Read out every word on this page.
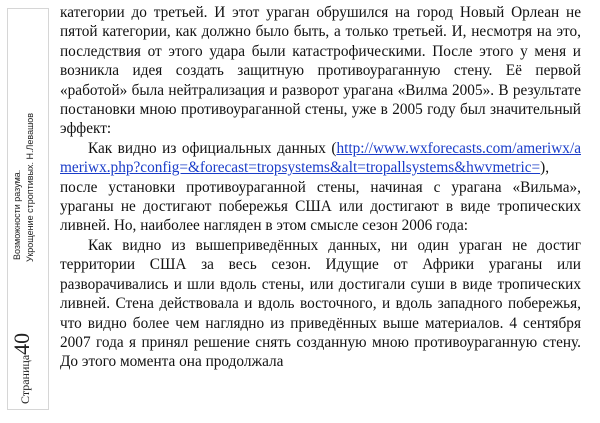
Возможности разума. Укрощение строптивых. Н.Левашов
Страница40

категории до третьей. И этот ураган обрушился на город Новый Орлеан не пятой категории, как должно было быть, а только третьей. И, несмотря на это, последствия от этого удара были катастрофическими. После этого у меня и возникла идея создать защитную противоураганную стену. Её первой «работой» была нейтрализация и разворот урагана «Вилма 2005». В результате постановки мною противоураганной стены, уже в 2005 году был значительный эффект:

Как видно из официальных данных (http://www.wxforecasts.com/ameriwx/ameriwx.php?config=&forecast=tropsystems&alt=tropallsystems&hwvmetric=), после установки противоураганной стены, начиная с урагана «Вильма», ураганы не достигают побережья США или достигают в виде тропических ливней. Но, наиболее нагляден в этом смысле сезон 2006 года:

Как видно из вышеприведённых данных, ни один ураган не достиг территории США за весь сезон. Идущие от Африки ураганы или разворачивались и шли вдоль стены, или достигали суши в виде тропических ливней. Стена действовала и вдоль восточного, и вдоль западного побережья, что видно более чем наглядно из приведённых выше материалов. 4 сентября 2007 года я принял решение снять созданную мною противоураганную стену. До этого момента она продолжала
